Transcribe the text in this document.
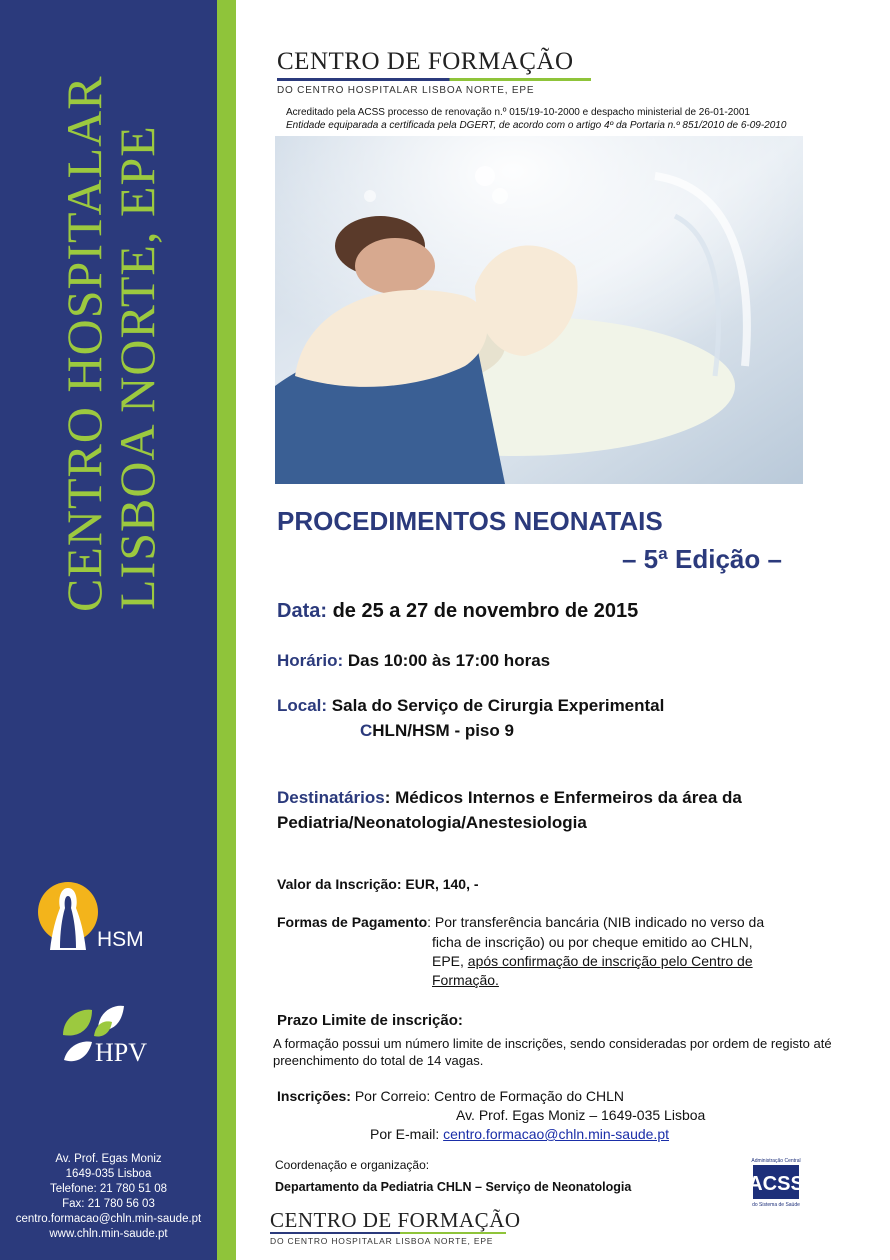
CENTRO HOSPITALAR
LISBOA NORTE, EPE
HSM
HPV
Av. Prof. Egas Moniz
1649-035 Lisboa
Telefone: 21 780 51 08
Fax: 21 780 56 03
centro.formacao@chln.min-saude.pt
www.chln.min-saude.pt
CENTRO DE FORMAÇÃO
DO CENTRO HOSPITALAR LISBOA NORTE, EPE
Acreditado pela ACSS processo de renovação n.º 015/19-10-2000 e despacho ministerial de 26-01-2001
Entidade equiparada a certificada pela DGERT, de acordo com o artigo 4º da Portaria n.º 851/2010 de 6-09-2010
PROCEDIMENTOS NEONATAIS
– 5ª Edição –
Data: de 25 a 27 de novembro de 2015
Horário: Das 10:00 às 17:00 horas
Local: Sala do Serviço de Cirurgia Experimental
CHLN/HSM - piso 9
Destinatários: Médicos Internos e Enfermeiros da área da
Pediatria/Neonatologia/Anestesiologia
Valor da Inscrição: EUR, 140, -
Formas de Pagamento: Por transferência bancária (NIB indicado no verso da
ficha de inscrição) ou por cheque emitido ao CHLN,
EPE, após confirmação de inscrição pelo Centro de
Formação.
Prazo Limite de inscrição:
A formação possui um número limite de inscrições, sendo consideradas por ordem de registo até preenchimento do total de 14 vagas.
Inscrições: Por Correio: Centro de Formação do CHLN
Av. Prof. Egas Moniz – 1649-035 Lisboa
Por E-mail: centro.formacao@chln.min-saude.pt
Coordenação e organização:
Departamento da Pediatria CHLN – Serviço de Neonatologia
Administração Central
ACSS
do Sistema de Saúde
CENTRO DE FORMAÇÃO
DO CENTRO HOSPITALAR LISBOA NORTE, EPE
